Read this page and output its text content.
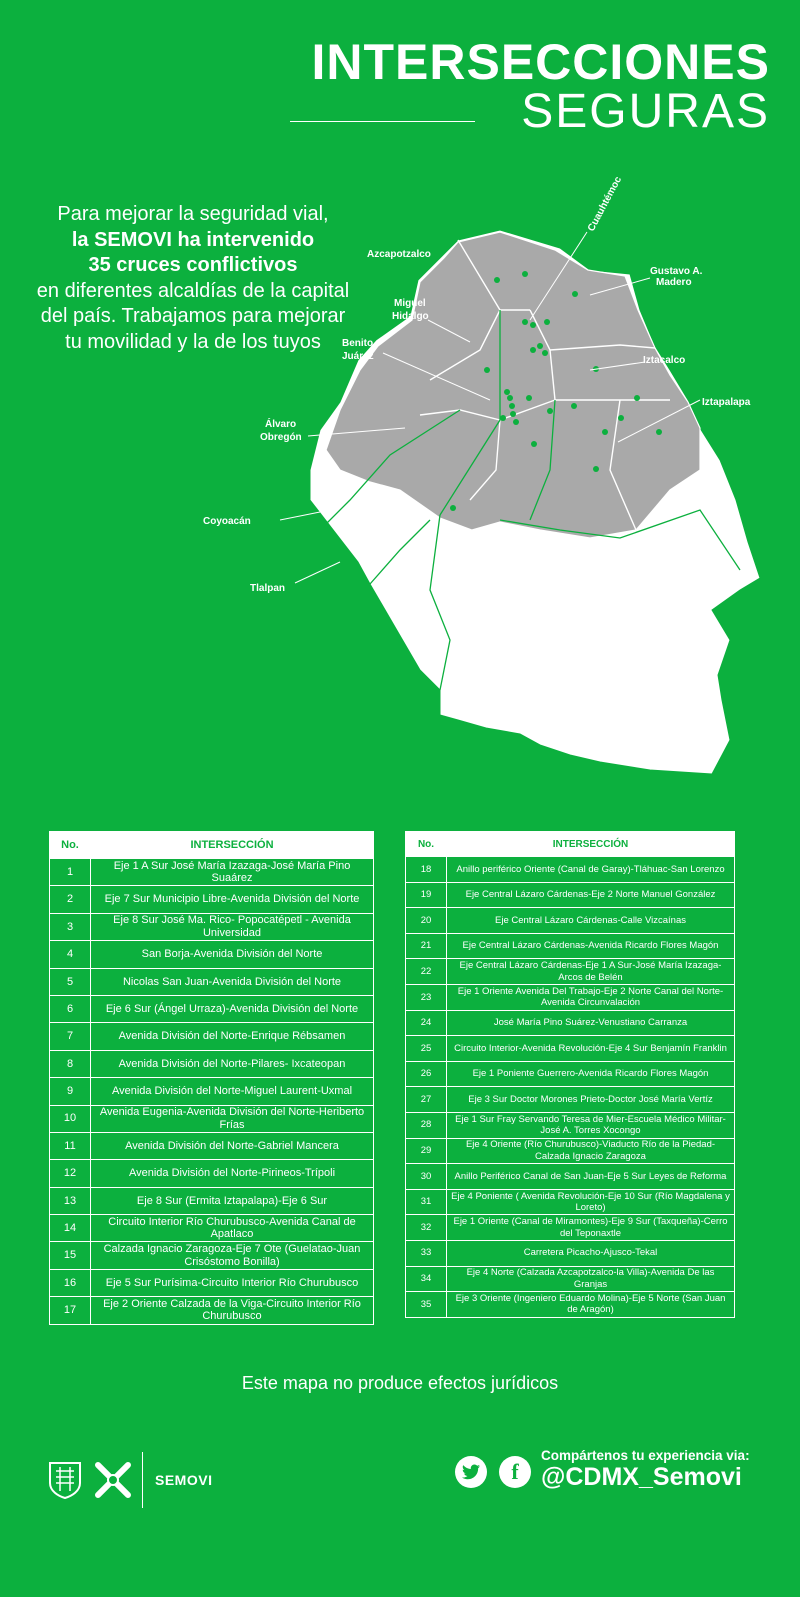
INTERSECCIONES
SEGURAS
Para mejorar la seguridad vial,
la SEMOVI ha intervenido
35 cruces conflictivos
en diferentes alcaldías de la capital del país. Trabajamos para mejorar tu movilidad y la de los tuyos
Cuauhtémoc
Azcapotzalco
Gustavo A.
Madero
Miguel
Hidalgo
Benito
Juárez	Iztacalco
Iztapalapa
Álvaro
Obregón
Coyoacán
Tlalpan
No.	INTERSECCIÓN
1	Eje 1 A Sur José María Izazaga-José María Pino Suaárez
2	Eje 7 Sur Municipio Libre-Avenida División del Norte
3	Eje 8 Sur José Ma. Rico- Popocatépetl - Avenida Universidad
4	San Borja-Avenida División del Norte
5	Nicolas San Juan-Avenida División del Norte
6	Eje 6 Sur (Ángel Urraza)-Avenida División del Norte
7	Avenida División del Norte-Enrique Rébsamen
8	Avenida División del Norte-Pilares- Ixcateopan
9	Avenida División del Norte-Miguel Laurent-Uxmal
10	Avenida Eugenia-Avenida División del Norte-Heriberto Frías
11	Avenida División del Norte-Gabriel Mancera
12	Avenida División del Norte-Pirineos-Trípoli
13	Eje 8 Sur (Ermita Iztapalapa)-Eje 6 Sur
14	Circuito Interior Río Churubusco-Avenida Canal de Apatlaco
15	Calzada Ignacio Zaragoza-Eje 7 Ote (Guelatao-Juan Crisóstomo Bonilla)
16	Eje 5 Sur Purísima-Circuito Interior Río Churubusco
17	Eje 2 Oriente Calzada de la Viga-Circuito Interior Río Churubusco
No.	INTERSECCIÓN
18	Anillo periférico Oriente (Canal de Garay)-Tláhuac-San Lorenzo
19	Eje Central Lázaro Cárdenas-Eje 2 Norte Manuel González
20	Eje Central Lázaro Cárdenas-Calle Vizcaínas
21	Eje Central Lázaro Cárdenas-Avenida Ricardo Flores Magón
22	Eje Central Lázaro Cárdenas-Eje 1 A Sur-José María Izazaga- Arcos de Belén
23	Eje 1 Oriente Avenida Del Trabajo-Eje 2 Norte Canal del Norte-Avenida Circunvalación
24	José María Pino Suárez-Venustiano Carranza
25	Circuito Interior-Avenida Revolución-Eje 4 Sur Benjamín Franklin
26	Eje 1 Poniente Guerrero-Avenida Ricardo Flores Magón
27	Eje 3 Sur Doctor Morones Prieto-Doctor José María Vertíz
28	Eje 1 Sur Fray Servando Teresa de Mier-Escuela Médico Militar- José A. Torres Xocongo
29	Eje 4 Oriente (Río Churubusco)-Viaducto Río de la Piedad-Calzada Ignacio Zaragoza
30	Anillo Periférico Canal de San Juan-Eje 5 Sur Leyes de Reforma
31	Eje 4 Poniente ( Avenida Revolución-Eje 10 Sur (Río Magdalena y Loreto)
32	Eje 1 Oriente (Canal de Miramontes)-Eje 9 Sur (Taxqueña)-Cerro del Teponaxtle
33	Carretera Picacho-Ajusco-Tekal
34	Eje 4 Norte (Calzada Azcapotzalco-la Villa)-Avenida De las Granjas
35	Eje 3 Oriente (Ingeniero Eduardo Molina)-Eje 5 Norte (San Juan de Aragón)
Este mapa no produce efectos jurídicos
SEMOVI	f
Compártenos tu experiencia via:
@CDMX_Semovi
